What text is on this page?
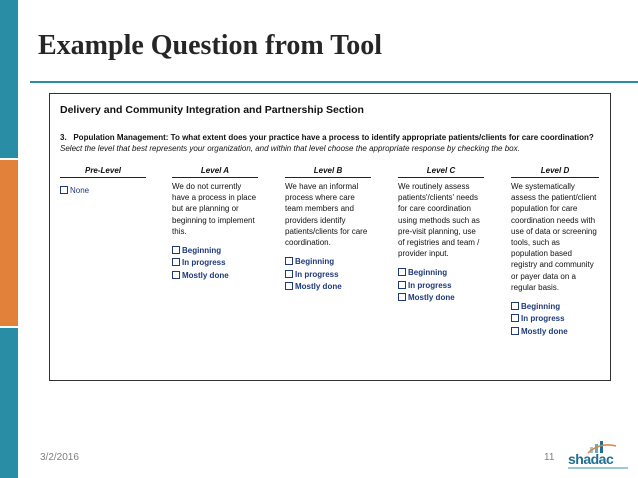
Example Question from Tool
Delivery and Community Integration and Partnership Section
3. Population Management: To what extent does your practice have a process to identify appropriate patients/clients for care coordination? Select the level that best represents your organization, and within that level choose the appropriate response by checking the box.
Pre-Level
None
Level A
We do not currently have a process in place but are planning or beginning to implement this.
Beginning
In progress
Mostly done
Level B
We have an informal process where care team members and providers identify patients/clients for care coordination.
Beginning
In progress
Mostly done
Level C
We routinely assess patients'/clients' needs for care coordination using methods such as pre-visit planning, use of registries and team / provider input.
Beginning
In progress
Mostly done
Level D
We systematically assess the patient/client population for care coordination needs with use of data or screening tools, such as population based registry and community or payer data on a regular basis.
Beginning
In progress
Mostly done
3/2/2016	11 shadac
